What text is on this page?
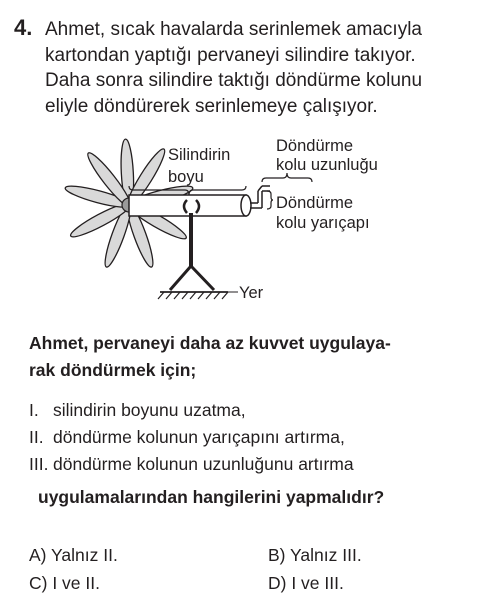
4. Ahmet, sıcak havalarda serinlemek amacıyla
kartondan yaptığı pervaneyi silindire takıyor.
Daha sonra silindire taktığı döndürme kolunu
eliyle döndürerek serinlemeye çalışıyor.
Silindirin
boyu
Döndürme
kolu uzunluğu
Döndürme
kolu yarıçapı
Yer
Ahmet, pervaneyi daha az kuvvet uygulaya-
rak döndürmek için;
I. silindirin boyunu uzatma,
II. döndürme kolunun yarıçapını artırma,
III. döndürme kolunun uzunluğunu artırma
uygulamalarından hangilerini yapmalıdır?
A) Yalnız II.	B) Yalnız III.
C) I ve II.	D) I ve III.
